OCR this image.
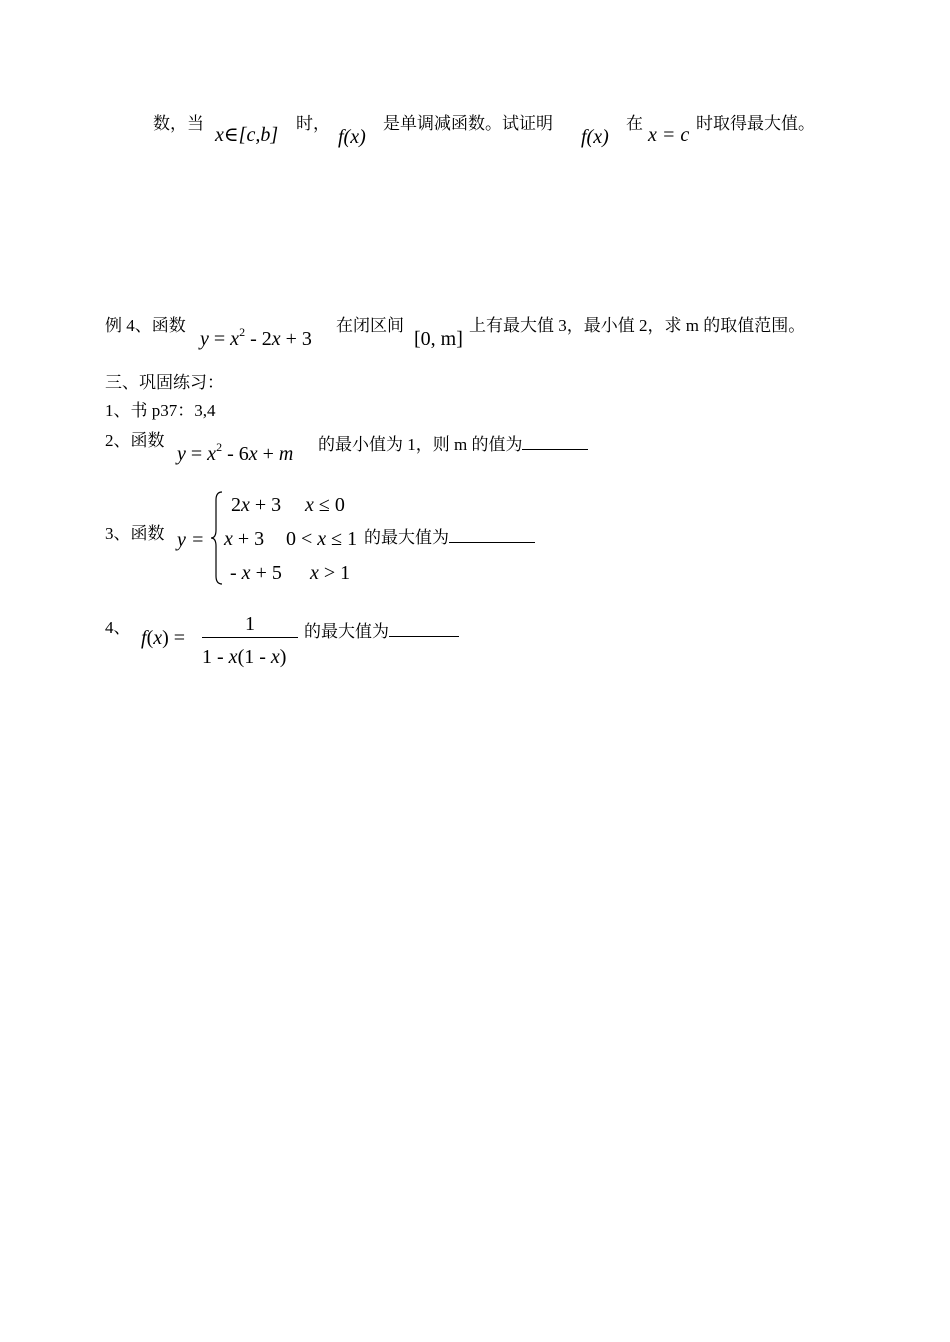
数，当
x∈[c,b]
时，
f(x)
是单调减函数。试证明
f(x)
在
x = c
时取得最大值。
例 4、函数
$y = x^2 - 2x + 3$
在闭区间
[0, m]
上有最大值 3，最小值 2，求 m 的取值范围。
三、巩固练习：
1、书 p37：3,4
2、函数
$y = x^2 - 6x + m$ 的最小值为 1，则 m 的值为
3、函数 y =
2x + 3 x ≤ 0
x + 3 0 < x ≤ 1
- x + 5 x > 1
的最大值为
4、 f(x) =
1
1 - x(1 - x)
的最大值为
